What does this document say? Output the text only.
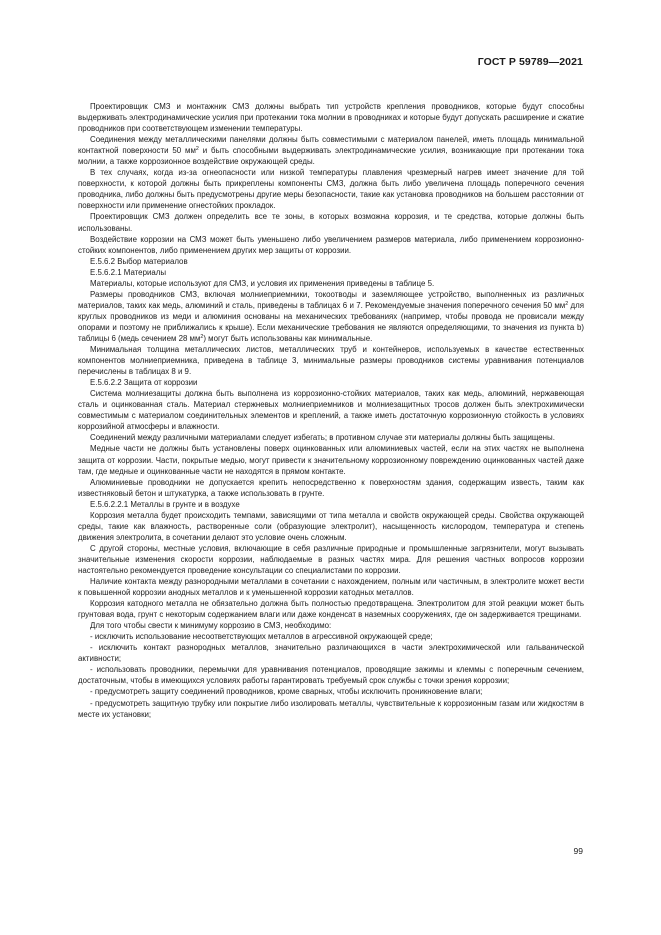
ГОСТ Р 59789—2021

Проектировщик СМЗ и монтажник СМЗ должны выбрать тип устройств крепления проводников, которые будут способны выдерживать электродинамические усилия при протекании тока молнии в проводниках и которые будут допускать расширение и сжатие проводников при соответствующем изменении температуры.

Соединения между металлическими панелями должны быть совместимыми с материалом панелей, иметь площадь минимальной контактной поверхности 50 $мм^2$ и быть способными выдерживать электродинамические усилия, возникающие при протекании тока молнии, а также коррозионное воздействие окружающей среды.

В тех случаях, когда из-за огнеопасности или низкой температуры плавления чрезмерный нагрев имеет значение для той поверхности, к которой должны быть прикреплены компоненты СМЗ, должна быть либо увеличена площадь поперечного сечения проводника, либо должны быть предусмотрены другие меры безопасности, такие как установка проводников на большем расстоянии от поверхности или применение огнестойких прокладок.

Проектировщик СМЗ должен определить все те зоны, в которых возможна коррозия, и те средства, которые должны быть использованы.

Воздействие коррозии на СМЗ может быть уменьшено либо увеличением размеров материала, либо применением коррозионно-стойких компонентов, либо применением других мер защиты от коррозии.

Е.5.6.2 Выбор материалов

Е.5.6.2.1 Материалы

Материалы, которые используют для СМЗ, и условия их применения приведены в таблице 5.

Размеры проводников СМЗ, включая молниеприемники, токоотводы и заземляющее устройство, выполненных из различных материалов, таких как медь, алюминий и сталь, приведены в таблицах 6 и 7. Рекомендуемые значения поперечного сечения 50 $мм^2$ для круглых проводников из меди и алюминия основаны на механических требованиях (например, чтобы провода не провисали между опорами и поэтому не приближались к крыше). Если механические требования не являются определяющими, то значения из пункта b) таблицы 6 (медь сечением 28 $мм^2$) могут быть использованы как минимальные.

Минимальная толщина металлических листов, металлических труб и контейнеров, используемых в качестве естественных компонентов молниеприемника, приведена в таблице 3, минимальные размеры проводников системы уравнивания потенциалов перечислены в таблицах 8 и 9.

Е.5.6.2.2 Защита от коррозии

Система молниезащиты должна быть выполнена из коррозионно-стойких материалов, таких как медь, алюминий, нержавеющая сталь и оцинкованная сталь. Материал стержневых молниеприемников и молниезащитных тросов должен быть электрохимически совместимым с материалом соединительных элементов и креплений, а также иметь достаточную коррозионную стойкость в условиях коррозийной атмосферы и влажности.

Соединений между различными материалами следует избегать; в противном случае эти материалы должны быть защищены.

Медные части не должны быть установлены поверх оцинкованных или алюминиевых частей, если на этих частях не выполнена защита от коррозии. Части, покрытые медью, могут привести к значительному коррозионному повреждению оцинкованных частей даже там, где медные и оцинкованные части не находятся в прямом контакте.

Алюминиевые проводники не допускается крепить непосредственно к поверхностям здания, содержащим известь, таким как известняковый бетон и штукатурка, а также использовать в грунте.

Е.5.6.2.2.1 Металлы в грунте и в воздухе

Коррозия металла будет происходить темпами, зависящими от типа металла и свойств окружающей среды. Свойства окружающей среды, такие как влажность, растворенные соли (образующие электролит), насыщенность кислородом, температура и степень движения электролита, в сочетании делают это условие очень сложным.

С другой стороны, местные условия, включающие в себя различные природные и промышленные загрязнители, могут вызывать значительные изменения скорости коррозии, наблюдаемые в разных частях мира. Для решения частных вопросов коррозии настоятельно рекомендуется проведение консультации со специалистами по коррозии.

Наличие контакта между разнородными металлами в сочетании с нахождением, полным или частичным, в электролите может вести к повышенной коррозии анодных металлов и к уменьшенной коррозии катодных металлов.

Коррозия катодного металла не обязательно должна быть полностью предотвращена. Электролитом для этой реакции может быть грунтовая вода, грунт с некоторым содержанием влаги или даже конденсат в наземных сооружениях, где он задерживается трещинами.

Для того чтобы свести к минимуму коррозию в СМЗ, необходимо:

- исключить использование несоответствующих металлов в агрессивной окружающей среде;

- исключить контакт разнородных металлов, значительно различающихся в части электрохимической или гальванической активности;

- использовать проводники, перемычки для уравнивания потенциалов, проводящие зажимы и клеммы с поперечным сечением, достаточным, чтобы в имеющихся условиях работы гарантировать требуемый срок службы с точки зрения коррозии;

- предусмотреть защиту соединений проводников, кроме сварных, чтобы исключить проникновение влаги;

- предусмотреть защитную трубку или покрытие либо изолировать металлы, чувствительные к коррозионным газам или жидкостям в месте их установки;

99
